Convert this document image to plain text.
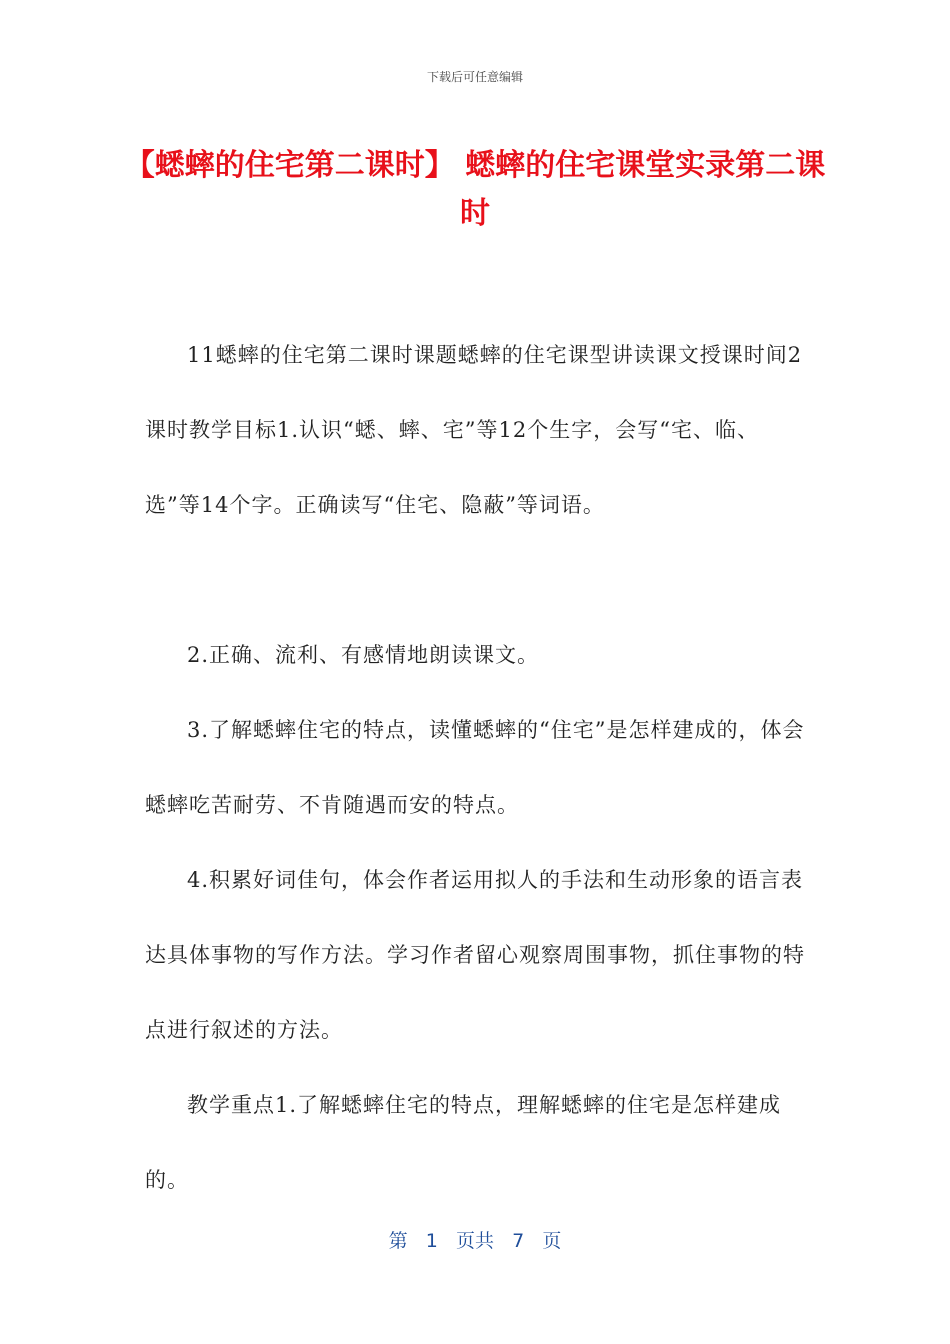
下载后可任意编辑
【蟋蟀的住宅第二课时】 蟋蟀的住宅课堂实录第二课时

11蟋蟀的住宅第二课时课题蟋蟀的住宅课型讲读课文授课时间2课时教学目标1.认识“蟋、蟀、宅”等12个生字，会写“宅、临、选”等14个字。正确读写“住宅、隐蔽”等词语。

2.正确、流利、有感情地朗读课文。

3.了解蟋蟀住宅的特点，读懂蟋蟀的“住宅”是怎样建成的，体会蟋蟀吃苦耐劳、不肯随遇而安的特点。

4.积累好词佳句，体会作者运用拟人的手法和生动形象的语言表达具体事物的写作方法。学习作者留心观察周围事物，抓住事物的特点进行叙述的方法。

教学重点1.了解蟋蟀住宅的特点，理解蟋蟀的住宅是怎样建成的。

第 1 页共 7 页
